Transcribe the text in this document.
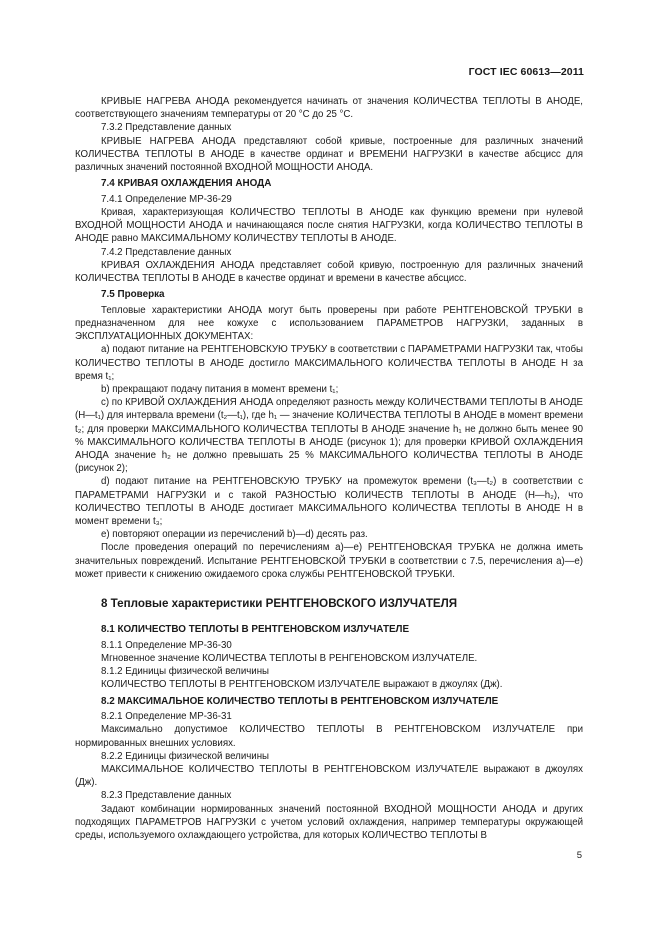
ГОСТ IEC 60613—2011

КРИВЫЕ НАГРЕВА АНОДА рекомендуется начинать от значения КОЛИЧЕСТВА ТЕПЛОТЫ В АНОДЕ, соответствующего значениям температуры от 20 °С до 25 °С.

7.3.2 Представление данных

КРИВЫЕ НАГРЕВА АНОДА представляют собой кривые, построенные для различных значений КОЛИЧЕСТВА ТЕПЛОТЫ В АНОДЕ в качестве ординат и ВРЕМЕНИ НАГРУЗКИ в качестве абсцисс для различных значений постоянной ВХОДНОЙ МОЩНОСТИ АНОДА.

7.4 КРИВАЯ ОХЛАЖДЕНИЯ АНОДА

7.4.1 Определение МР-36-29

Кривая, характеризующая КОЛИЧЕСТВО ТЕПЛОТЫ В АНОДЕ как функцию времени при нулевой ВХОДНОЙ МОЩНОСТИ АНОДА и начинающаяся после снятия НАГРУЗКИ, когда КОЛИЧЕСТВО ТЕПЛОТЫ В АНОДЕ равно МАКСИМАЛЬНОМУ КОЛИЧЕСТВУ ТЕПЛОТЫ В АНОДЕ.

7.4.2 Представление данных

КРИВАЯ ОХЛАЖДЕНИЯ АНОДА представляет собой кривую, построенную для различных значений КОЛИЧЕСТВА ТЕПЛОТЫ В АНОДЕ в качестве ординат и времени в качестве абсцисс.

7.5 Проверка

Тепловые характеристики АНОДА могут быть проверены при работе РЕНТГЕНОВСКОЙ ТРУБКИ в предназначенном для нее кожухе с использованием ПАРАМЕТРОВ НАГРУЗКИ, заданных в ЭКСПЛУАТАЦИОННЫХ ДОКУМЕНТАХ:

а) подают питание на РЕНТГЕНОВСКУЮ ТРУБКУ в соответствии с ПАРАМЕТРАМИ НАГРУЗКИ так, чтобы КОЛИЧЕСТВО ТЕПЛОТЫ В АНОДЕ достигло МАКСИМАЛЬНОГО КОЛИЧЕСТВА ТЕПЛОТЫ В АНОДЕ H за время t₁;

b) прекращают подачу питания в момент времени t₁;

с) по КРИВОЙ ОХЛАЖДЕНИЯ АНОДА определяют разность между КОЛИЧЕСТВАМИ ТЕПЛОТЫ В АНОДЕ (H—t₁) для интервала времени (t₂—t₁), где h₁ — значение КОЛИЧЕСТВА ТЕПЛОТЫ В АНОДЕ в момент времени t₂; для проверки МАКСИМАЛЬНОГО КОЛИЧЕСТВА ТЕПЛОТЫ В АНОДЕ значение h₁ не должно быть менее 90 % МАКСИМАЛЬНОГО КОЛИЧЕСТВА ТЕПЛОТЫ В АНОДЕ (рисунок 1); для проверки КРИВОЙ ОХЛАЖДЕНИЯ АНОДА значение h₂ не должно превышать 25 % МАКСИМАЛЬНОГО КОЛИЧЕСТВА ТЕПЛОТЫ В АНОДЕ (рисунок 2);

d) подают питание на РЕНТГЕНОВСКУЮ ТРУБКУ на промежуток времени (t₃—t₂) в соответствии с ПАРАМЕТРАМИ НАГРУЗКИ и с такой РАЗНОСТЬЮ КОЛИЧЕСТВ ТЕПЛОТЫ В АНОДЕ (H—h₂), что КОЛИЧЕСТВО ТЕПЛОТЫ В АНОДЕ достигает МАКСИМАЛЬНОГО КОЛИЧЕСТВА ТЕПЛОТЫ В АНОДЕ H в момент времени t₃;

е) повторяют операции из перечислений b)—d) десять раз.

После проведения операций по перечислениям а)—е) РЕНТГЕНОВСКАЯ ТРУБКА не должна иметь значительных повреждений. Испытание РЕНТГЕНОВСКОЙ ТРУБКИ в соответствии с 7.5, перечисления а)—е) может привести к снижению ожидаемого срока службы РЕНТГЕНОВСКОЙ ТРУБКИ.

8 Тепловые характеристики РЕНТГЕНОВСКОГО ИЗЛУЧАТЕЛЯ
8.1 КОЛИЧЕСТВО ТЕПЛОТЫ В РЕНТГЕНОВСКОМ ИЗЛУЧАТЕЛЕ

8.1.1 Определение МР-36-30

Мгновенное значение КОЛИЧЕСТВА ТЕПЛОТЫ В РЕНГЕНОВСКОМ ИЗЛУЧАТЕЛЕ.

8.1.2 Единицы физической величины

КОЛИЧЕСТВО ТЕПЛОТЫ В РЕНТГЕНОВСКОМ ИЗЛУЧАТЕЛЕ выражают в джоулях (Дж).

8.2 МАКСИМАЛЬНОЕ КОЛИЧЕСТВО ТЕПЛОТЫ В РЕНТГЕНОВСКОМ ИЗЛУЧАТЕЛЕ

8.2.1 Определение МР-36-31

Максимально допустимое КОЛИЧЕСТВО ТЕПЛОТЫ В РЕНТГЕНОВСКОМ ИЗЛУЧАТЕЛЕ при нормированных внешних условиях.

8.2.2 Единицы физической величины

МАКСИМАЛЬНОЕ КОЛИЧЕСТВО ТЕПЛОТЫ В РЕНТГЕНОВСКОМ ИЗЛУЧАТЕЛЕ выражают в джоулях (Дж).

8.2.3 Представление данных

Задают комбинации нормированных значений постоянной ВХОДНОЙ МОЩНОСТИ АНОДА и других подходящих ПАРАМЕТРОВ НАГРУЗКИ с учетом условий охлаждения, например температуры окружающей среды, используемого охлаждающего устройства, для которых КОЛИЧЕСТВО ТЕПЛОТЫ В

5
